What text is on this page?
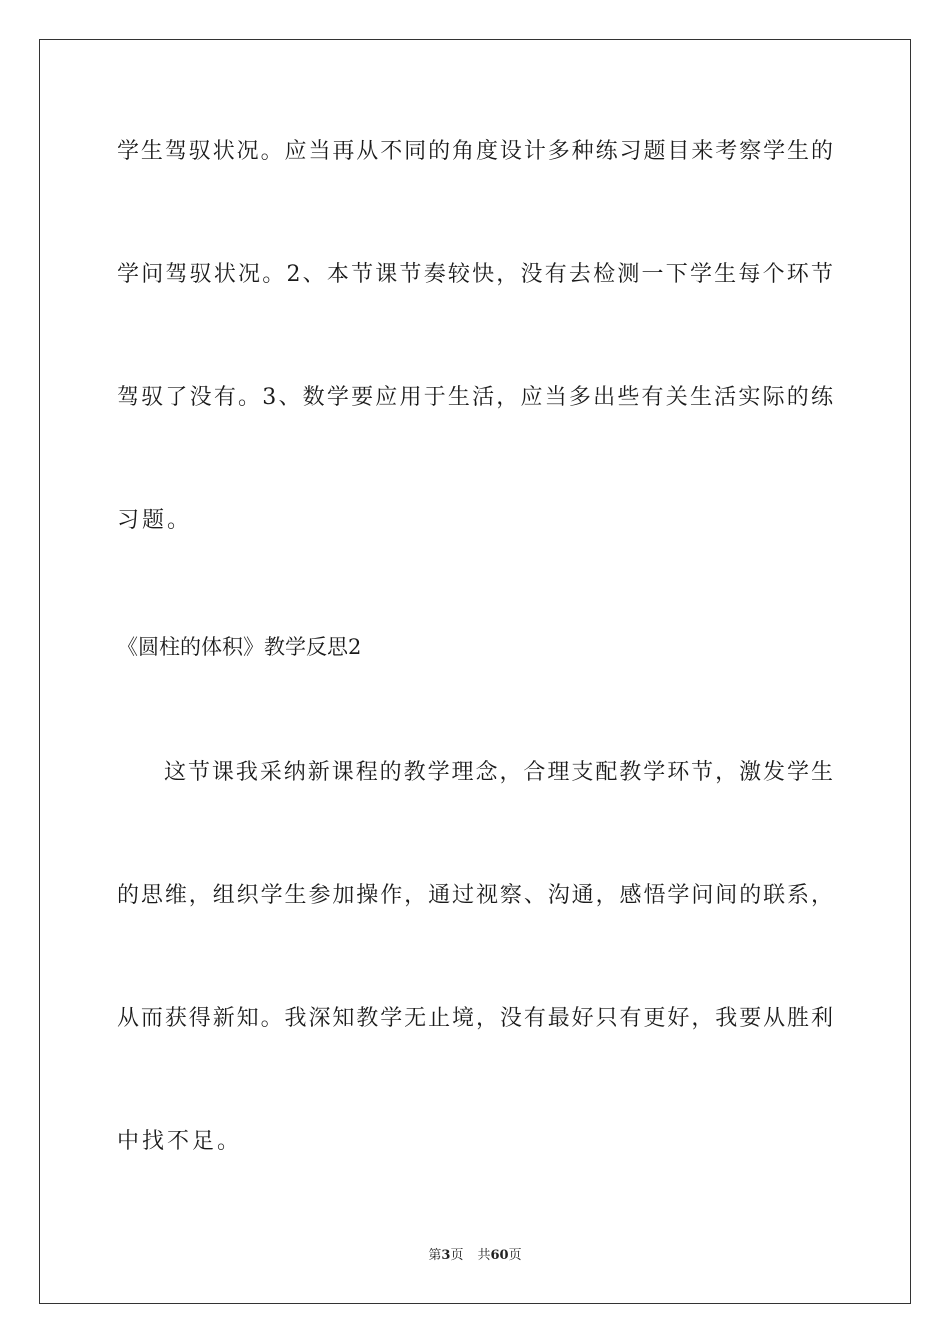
学生驾驭状况。应当再从不同的角度设计多种练习题目来考察学生的
学问驾驭状况。2、本节课节奏较快，没有去检测一下学生每个环节
驾驭了没有。3、数学要应用于生活，应当多出些有关生活实际的练
习题。
《圆柱的体积》教学反思2
这节课我采纳新课程的教学理念，合理支配教学环节，激发学生
的思维，组织学生参加操作，通过视察、沟通，感悟学问间的联系，
从而获得新知。我深知教学无止境，没有最好只有更好，我要从胜利
中找不足。
第3页 共60页
